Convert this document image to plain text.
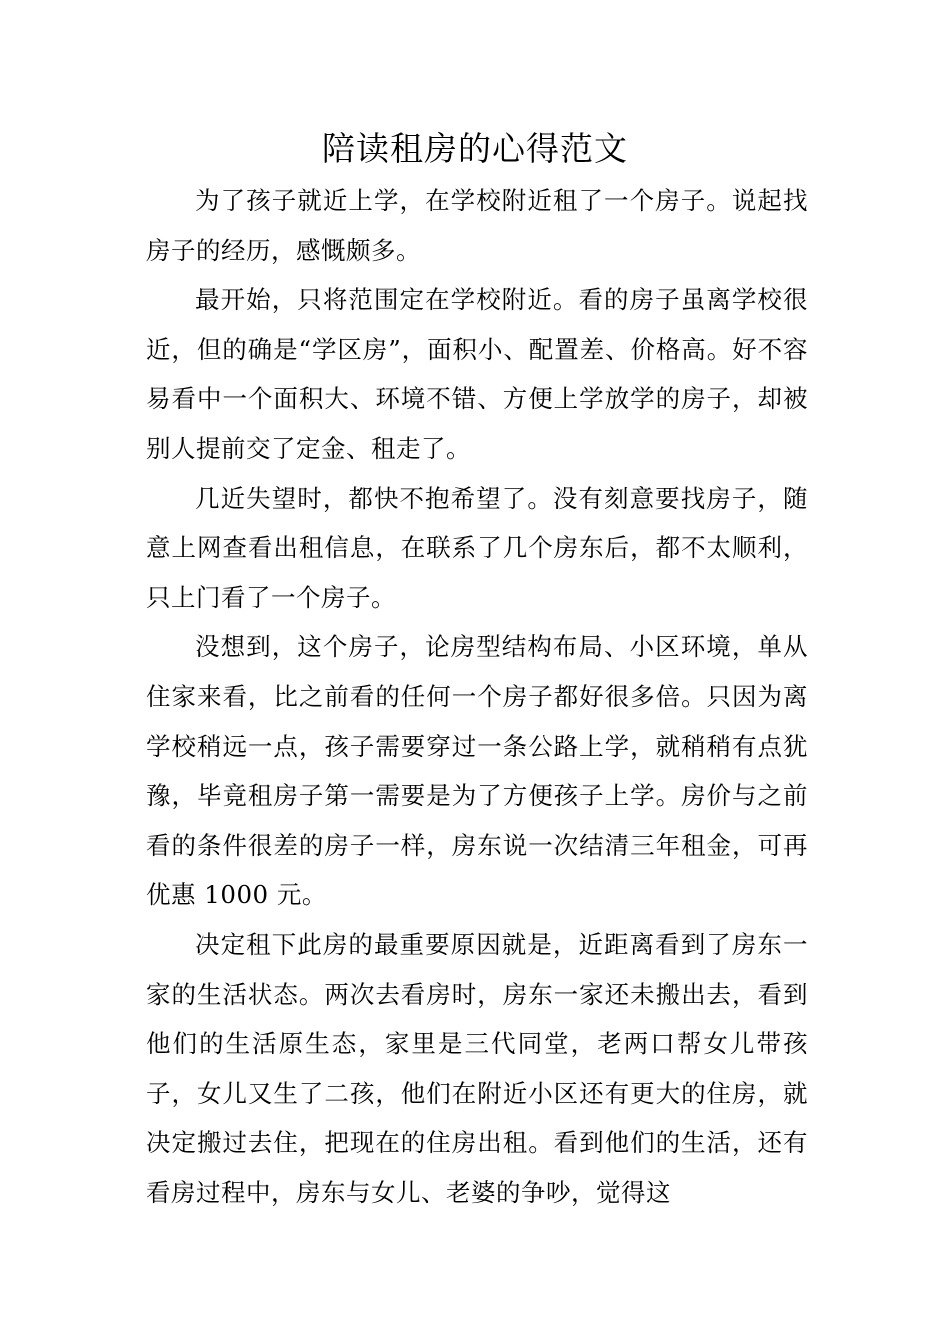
陪读租房的心得范文

为了孩子就近上学，在学校附近租了一个房子。说起找房子的经历，感慨颇多。

最开始，只将范围定在学校附近。看的房子虽离学校很近，但的确是“学区房”，面积小、配置差、价格高。好不容易看中一个面积大、环境不错、方便上学放学的房子，却被别人提前交了定金、租走了。

几近失望时，都快不抱希望了。没有刻意要找房子，随意上网查看出租信息，在联系了几个房东后，都不太顺利，只上门看了一个房子。

没想到，这个房子，论房型结构布局、小区环境，单从住家来看，比之前看的任何一个房子都好很多倍。只因为离学校稍远一点，孩子需要穿过一条公路上学，就稍稍有点犹豫，毕竟租房子第一需要是为了方便孩子上学。房价与之前看的条件很差的房子一样，房东说一次结清三年租金，可再优惠 1000 元。

决定租下此房的最重要原因就是，近距离看到了房东一家的生活状态。两次去看房时，房东一家还未搬出去，看到他们的生活原生态，家里是三代同堂，老两口帮女儿带孩子，女儿又生了二孩，他们在附近小区还有更大的住房，就决定搬过去住，把现在的住房出租。看到他们的生活，还有看房过程中，房东与女儿、老婆的争吵，觉得这
